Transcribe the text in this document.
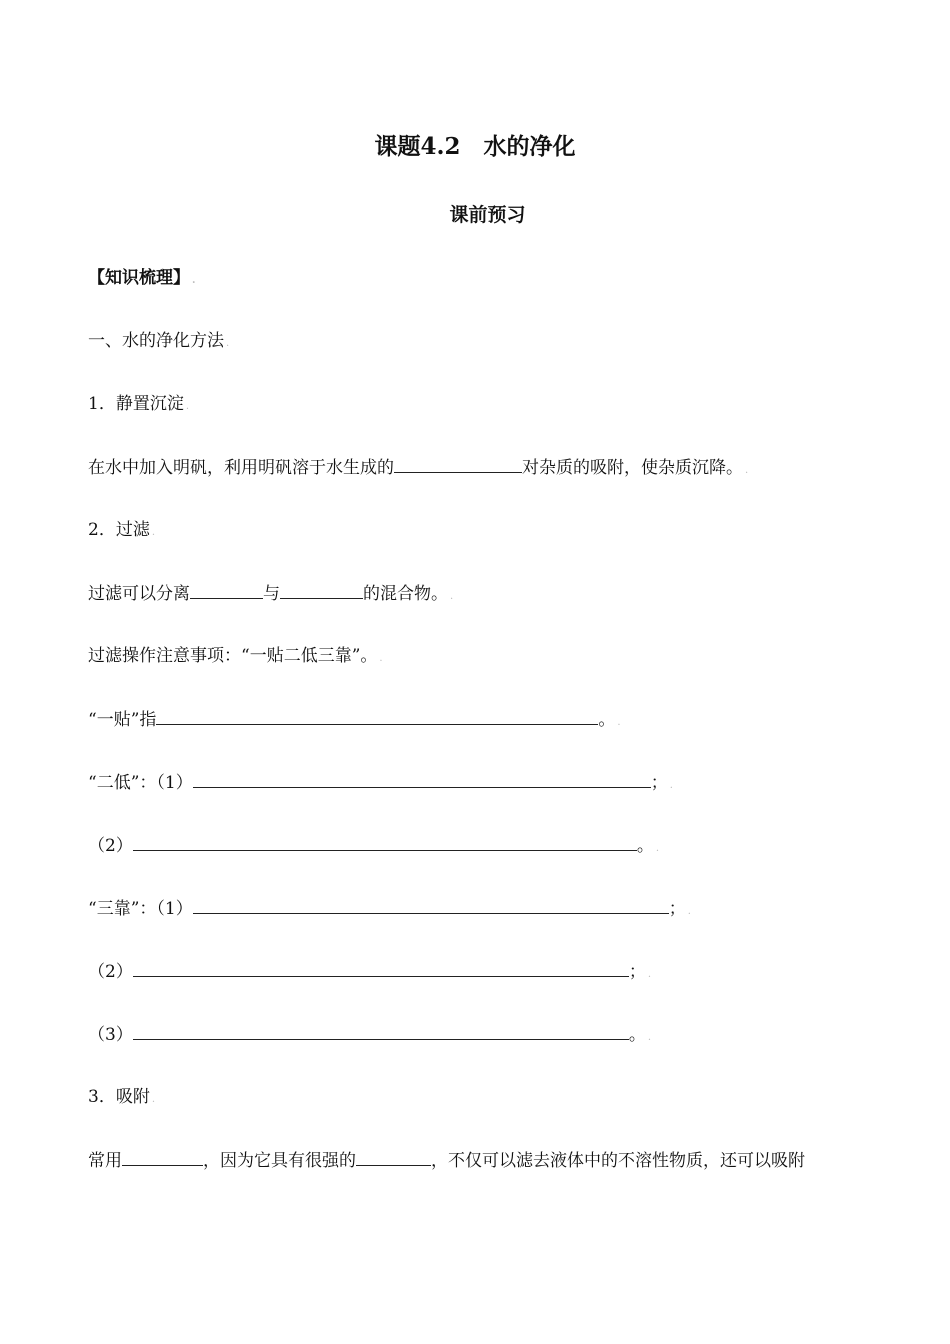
课题4.2　水的净化
课前预习
【知识梳理】 .
一、水的净化方法 .
1．静置沉淀 .
在水中加入明矾，利用明矾溶于水生成的	对杂质的吸附，使杂质沉降。 .
2．过滤 .
过滤可以分离	与	的混合物。 .
过滤操作注意事项：“一贴二低三靠”。 .
“一贴”指	。 .
“二低”：（1）	； .
（2）	。 .
“三靠”：（1）	； .
（2）	； .
（3）	。 .
3．吸附 .
常用	，因为它具有很强的	，不仅可以滤去液体中的不溶性物质，还可以吸附
